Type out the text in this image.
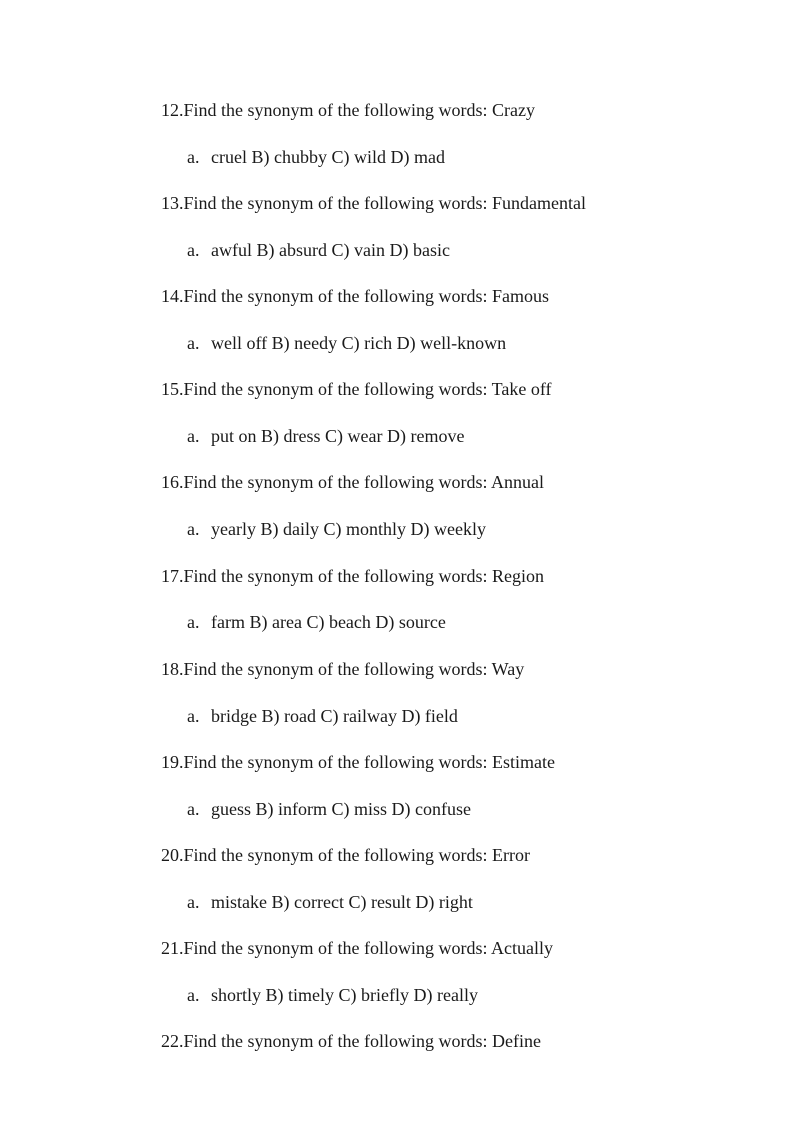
12.Find the synonym of the following words: Crazy
a. cruel B) chubby C) wild D) mad
13.Find the synonym of the following words: Fundamental
a. awful B) absurd C) vain D) basic
14.Find the synonym of the following words: Famous
a. well off B) needy C) rich D) well-known
15.Find the synonym of the following words: Take off
a. put on B) dress C) wear D) remove
16.Find the synonym of the following words: Annual
a. yearly B) daily C) monthly D) weekly
17.Find the synonym of the following words: Region
a. farm B) area C) beach D) source
18.Find the synonym of the following words: Way
a. bridge B) road C) railway D) field
19.Find the synonym of the following words: Estimate
a. guess B) inform C) miss D) confuse
20.Find the synonym of the following words: Error
a. mistake B) correct C) result D) right
21.Find the synonym of the following words: Actually
a. shortly B) timely C) briefly D) really
22.Find the synonym of the following words: Define
